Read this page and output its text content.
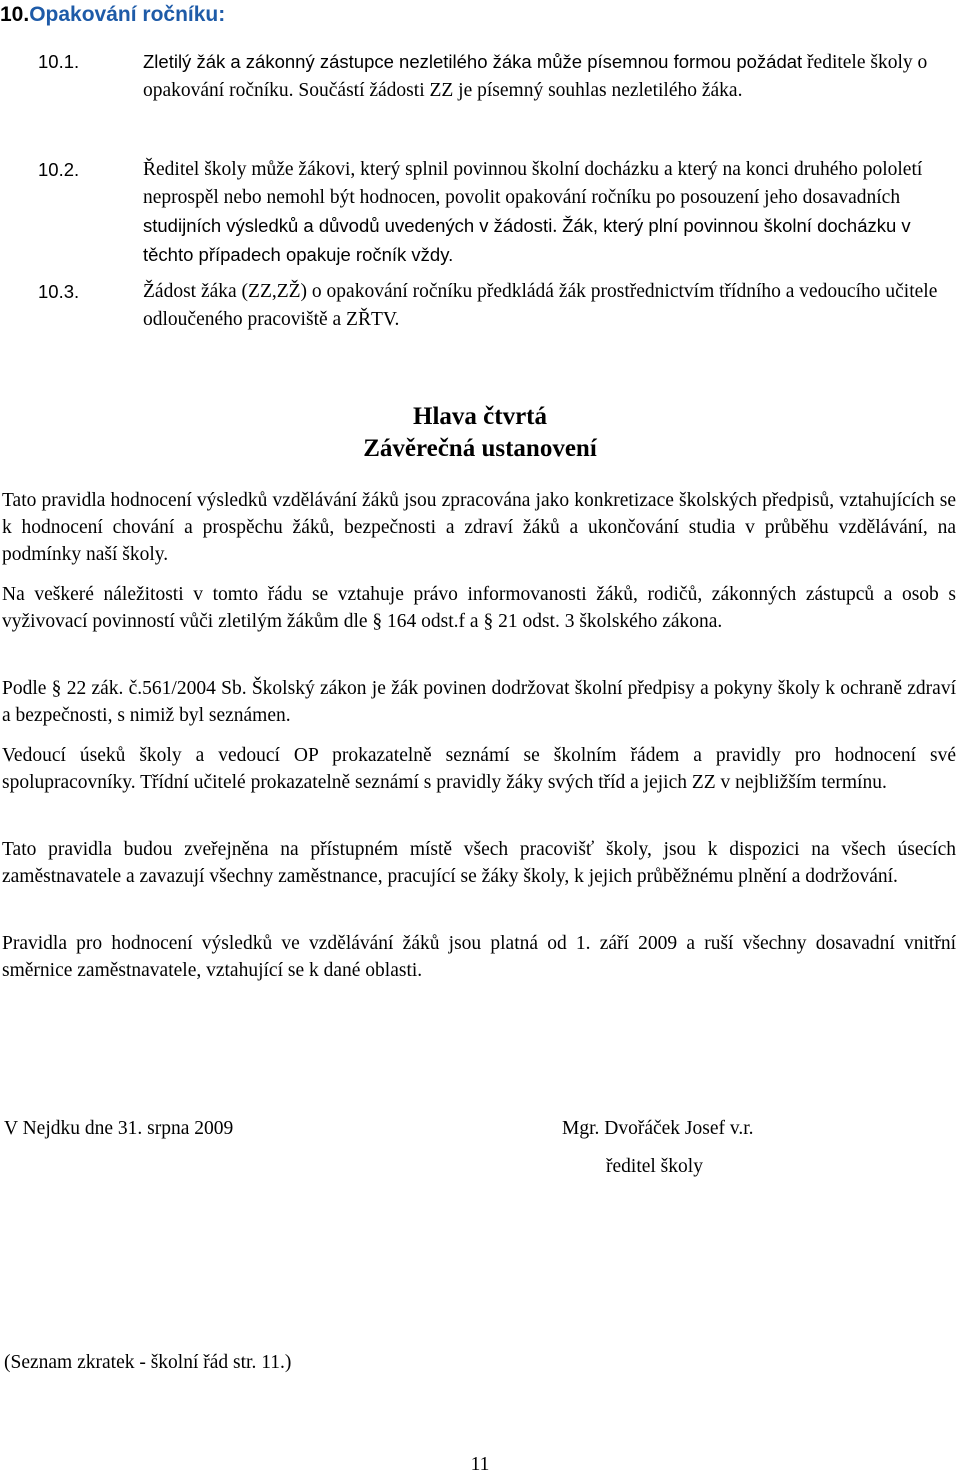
10.Opakování ročníku:
10.1.	Zletilý žák a zákonný zástupce nezletilého žáka může písemnou formou požádat ředitele školy o opakování ročníku. Součástí žádosti ZZ je písemný souhlas nezletilého žáka.
10.2.	Ředitel školy může žákovi, který splnil povinnou školní docházku a který na konci druhého pololetí neprospěl nebo nemohl být hodnocen, povolit opakování ročníku po posouzení jeho dosavadních studijních výsledků a důvodů uvedených v žádosti. Žák, který plní povinnou školní docházku v těchto případech opakuje ročník vždy.
10.3.	Žádost žáka (ZZ,ZŽ) o opakování ročníku předkládá žák prostřednictvím třídního a vedoucího učitele odloučeného pracoviště a ZŘTV.
Hlava čtvrtá
Závěrečná ustanovení
Tato pravidla hodnocení výsledků vzdělávání žáků jsou zpracována jako konkretizace školských předpisů, vztahujících se k hodnocení chování a prospěchu žáků, bezpečnosti a zdraví žáků a ukončování studia v průběhu vzdělávání, na podmínky naší školy.
Na veškeré náležitosti v tomto řádu se vztahuje právo informovanosti žáků, rodičů, zákonných zástupců a osob s vyživovací povinností vůči zletilým žákům dle § 164 odst.f a § 21 odst. 3 školského zákona.
Podle § 22 zák. č.561/2004 Sb. Školský zákon je žák povinen dodržovat školní předpisy a pokyny školy k ochraně zdraví a bezpečnosti, s nimiž byl seznámen.
Vedoucí úseků školy a vedoucí OP prokazatelně seznámí se školním řádem a pravidly pro hodnocení své spolupracovníky. Třídní učitelé prokazatelně seznámí s pravidly žáky svých tříd a jejich ZZ v nejbližším termínu.
Tato pravidla budou zveřejněna na přístupném místě všech pracovišť školy, jsou k dispozici na všech úsecích zaměstnavatele a zavazují všechny zaměstnance, pracující se žáky školy, k jejich průběžnému plnění a dodržování.
Pravidla pro hodnocení výsledků ve vzdělávání žáků jsou platná od 1. září 2009 a ruší všechny dosavadní vnitřní směrnice zaměstnavatele, vztahující se k dané oblasti.
V Nejdku dne 31. srpna 2009	Mgr. Dvořáček Josef v.r.
ředitel školy
(Seznam zkratek - školní řád str. 11.)
11
